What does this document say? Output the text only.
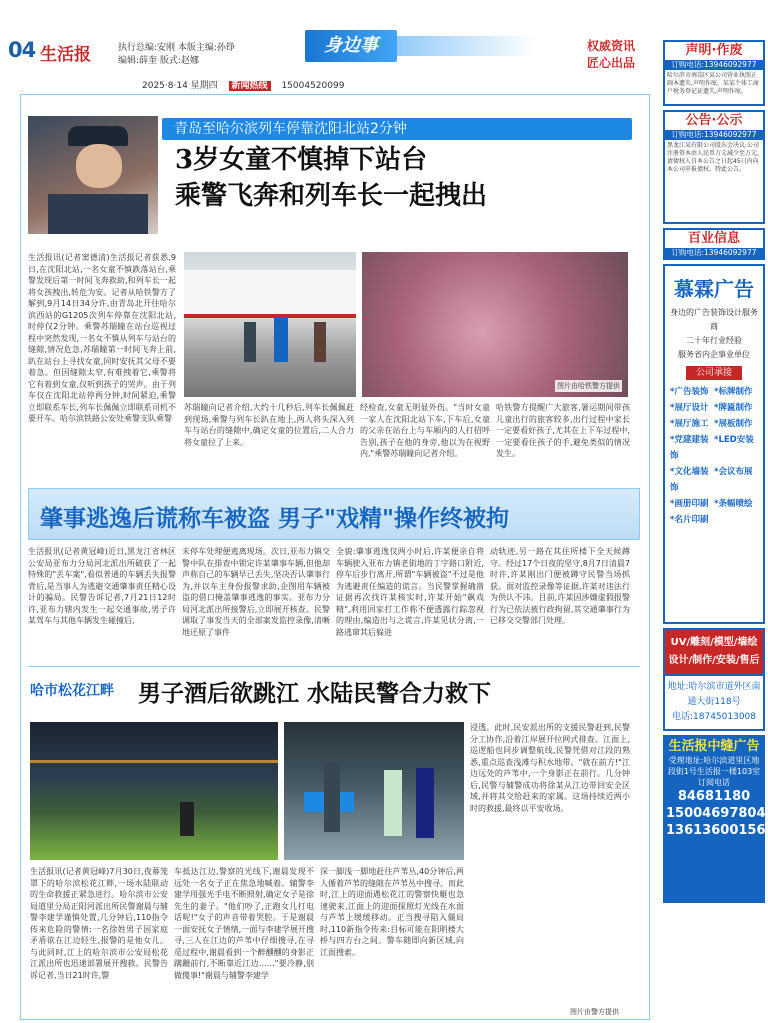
04 生活报	执行总编:安刚 本版主编:孙铮
编辑:薛奎 版式:赵娜
身边事	权威资讯
匠心出品
2025·8·14 星期四 新闻热线 15004520099
青岛至哈尔滨列车停靠沈阳北站2分钟
3岁女童不慎掉下站台
乘警飞奔和列车长一起拽出
生活报讯(记者窦德清)生活报记者获悉,9日,在沈阳北站,一名女童不慎跌落站台,乘警发现后第一时间飞奔救助,和列车长一起将女孩拽出,转危为安。记者从哈铁警方了解到,9月14日34分许,由青岛北开往哈尔滨西站的G1205次列车停靠在沈阳北站,时停仅2分钟。乘警苏瑞瞳在站台巡视过程中突然发现,一名女不慎从列车与站台的缝隙,情况危急,苏瑞瞳第一时间飞奔上前,趴在站台上寻找女童,同时安抚其父母不要着急。但因缝隙太窄,有难拽着它,乘警将它有着到女童,仅听到孩子的哭声。由于列车仅在沈阳北站停两分钟,时间紧迫,乘警立即联系车长,列车长佩佩立即联系司机不要开车。哈尔滨铁路公安处乘警支队乘警
图片由哈铁警方提供
苏瑞瞳向记者介绍,大约十几秒后,列车长佩佩赶到现场,乘警与列车长趴在地上,两人将头深入列车与站台的缝隙中,确定女童的位置后,二人合力将女童拉了上来。
经检查,女童无明显外伤。"当时女童一家人在沈阳北站下车,下车后,女童的父亲在站台上与车厢内的人打招呼告别,孩子在他的身旁,他以为在视野内,"乘警苏瑞瞳向记者介绍。
哈铁警方提醒广大旅客,暑运期间带孩儿童出行的旅客较多,出行过程中家长一定要看好孩子,尤其在上下车过程中,一定要看住孩子的手,避免类似的情况发生。
肇事逃逸后谎称车被盗 男子"戏精"操作终被拘
生活报讯(记者黄冠峰)近日,黑龙江省林区公安局亚布力分局河北派出所破获了一起特殊的"丢车案",看似普通的车辆丢失报警背后,是当事人为逃避交通肇事责任精心设计的骗局。民警告诉记者,7月21日12时许,亚布力辖内发生一起交通事故,男子许某驾车与其他车辆发生碰撞后,
未停车处理便逃离现场。次日,亚布力镇交警中队在排查中锁定许某肇事车辆,但他却声称自己的车辆早已丢失,坚决否认肇事行为,并以车主身份报警求助,企图用车辆被盗的借口掩盖肇事逃逸的事实。亚布力分局河北派出所接警后,立即展开核查。民警调取了事发当天的全部案发监控录像,清晰地还原了事件
全貌:肇事逃逸仅两小时后,许某便亲自将车辆驶入亚布力镇老街地的丁字路口附近,停车后步行离开,所谓"车辆被盗"不过是他为逃避责任编造的谎言。当民警掌握确凿证据再次找许某核实时,许某开始"飙戏精",利用回家打工作称不便透露行踪忽视的理由,编造出与之谎言,许某见状分离,一路逃窜其后躲进
动轨迹,另一路在其住所楼下全天候蹲守。经过17个日夜的坚守,8月7日清晨7时许,许某刚出门便被蹲守民警当场抓获。面对监控录像等证据,许某对违法行为供认不讳。目前,许某因涉嫌虚假报警行为已依法被行政拘留,其交通肇事行为已移交交警部门处理。
哈市松花江畔 男子酒后欲跳江 水陆民警合力救下
浸透。此时,民安派出所的支援民警赶到,民警分工协作,沿着江岸展开拉网式排查。江面上,巡逻船也同步调整航线,民警凭借对江段的熟悉,重点巡查浅滩与积水地带。"就在前方!"江边远处的芦苇中,一个身影正在前行。几分钟后,民警与辅警成功将徐某从江边带回安全区域,并将其交给赶来的家属。这场持续近两小时的救援,最终以平安收场。
生活报讯(记者黄冠峰)7月30日,夜幕笼罩下的哈尔滨松花江畔,一场水陆联动的生命救援正紧急进行。哈尔滨市公安局道里分局正阳河派出所民警谢晨与辅警李建学谨慎处置,几分钟后,110指令传来危险的警情:一名徐姓男子因家庭矛盾欲在江边轻生,报警的是他女儿。与此同时,江上的哈尔滨市公安局松花江派出所也迅速部署展开搜救。民警告诉记者,当日21时许,警
车抵达江边,警察的光线下,谢晨发现不远处一名女子正在焦急地喊着。辅警李建学用强光手电不断照射,确定女子是徐先生的妻子。"他们吵了,正跑女儿打电话呢!"女子的声音带着哭腔。于是谢晨一面安抚女子情绪,一面与李建学展开搜寻,三人在江边的芦苇中仔细搜寻,在寻觅过程中,谢晨看到一个醉醺醺的身影正蹒跚前行,不断靠近江边……"要冷静,别做傻事!"谢晨与辅警李建学
深一脚浅一脚地赶往芦苇丛,40分钟后,两人循着芦苇的缝隙在芦苇丛中搜寻。而此时,江上的迎面遇松花江的警察快艇也急速驶来,江面上的迎面探照灯光线在水面与芦苇上缓缓移动。正当搜寻陷入僵局时,110新指令传来:目标可能在阳明楼大桥与四方台之间。警车随即向新区域,向江面搜索。
图片由警方提供
声明·作废
订购电话:13946092977
哈尔滨市南岗区某公司营业执照正副本遗失,声明作废。某某个体工商户税务登记证遗失,声明作废。
公告·公示
订购电话:13946092977
黑龙江某有限公司股东会决议:公司注册资本由人民币万元减少至万元,请债权人自本公告之日起45日内向本公司申报债权。特此公告。
百业信息
订购电话:13946092977
慕霖广告
身边的广告装饰设计服务商
二十年行业经验
服务省内企事业单位
公司承接
*广告装饰 *标牌制作
*展厅设计 *牌匾制作
*展厅施工 *展板制作
*党建建装饰
*LED安装
*文化墙装饰
*会议布展
*画册印刷 *条幅喷绘
*名片印刷
UV/雕刻/模型/墙绘 设计/制作/安装/售后
地址:哈尔滨市道外区南通大街118号
电话:18745013008
生活报中缝广告
受理地址:哈尔滨道里区地段街1号生活报一楼103室
订阅电话
84681180
15004697804
13613600156
